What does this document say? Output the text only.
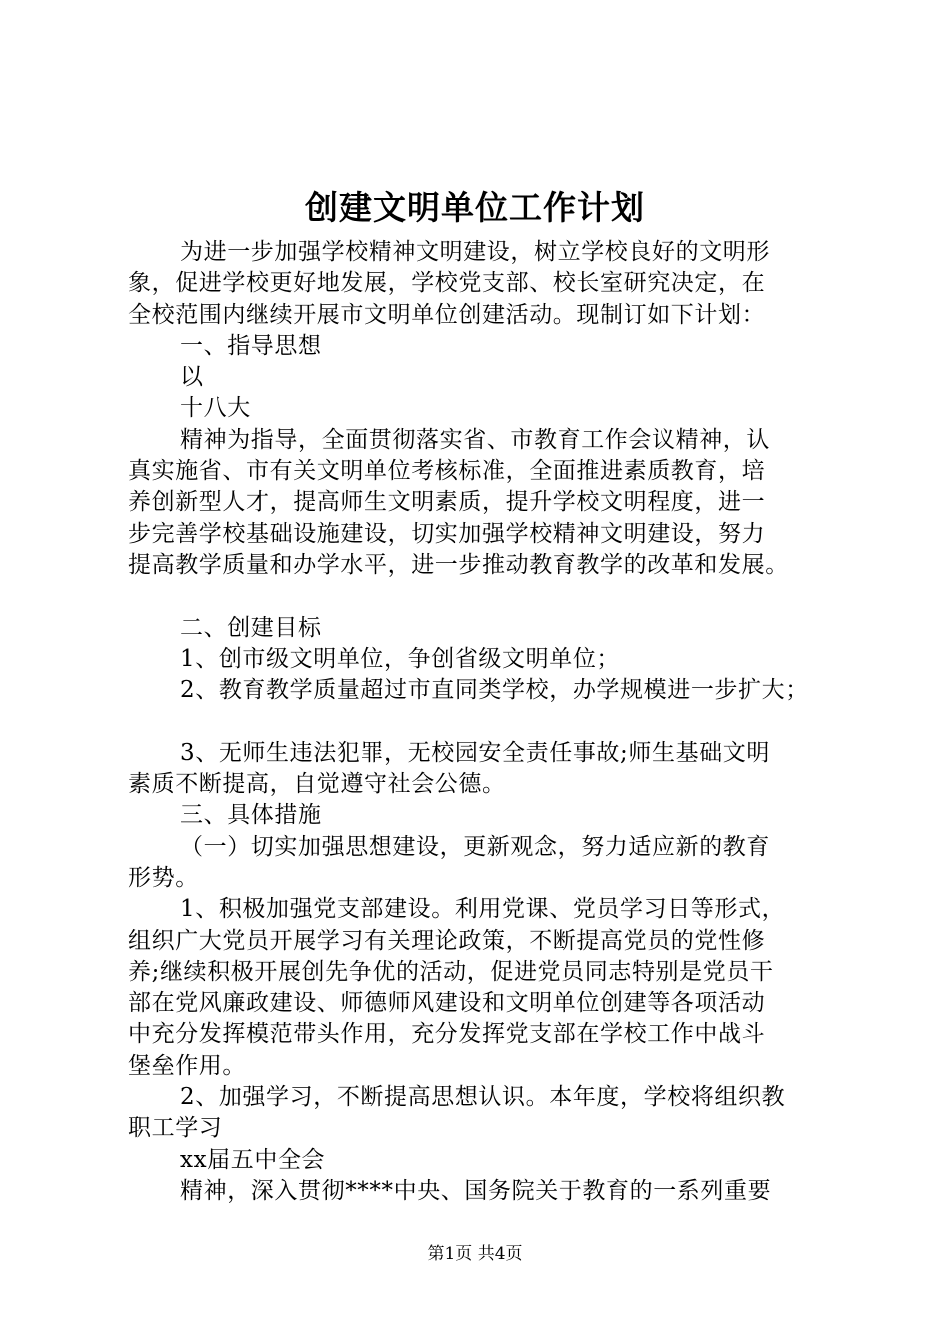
创建文明单位工作计划

为进一步加强学校精神文明建设，树立学校良好的文明形

象，促进学校更好地发展，学校党支部、校长室研究决定，在

全校范围内继续开展市文明单位创建活动。现制订如下计划：

一、指导思想

以

十八大

精神为指导，全面贯彻落实省、市教育工作会议精神，认

真实施省、市有关文明单位考核标准，全面推进素质教育，培

养创新型人才，提高师生文明素质，提升学校文明程度，进一

步完善学校基础设施建设，切实加强学校精神文明建设，努力

提高教学质量和办学水平，进一步推动教育教学的改革和发展。

二、创建目标

1、创市级文明单位，争创省级文明单位；

2、教育教学质量超过市直同类学校，办学规模进一步扩大；

3、无师生违法犯罪，无校园安全责任事故;师生基础文明

素质不断提高，自觉遵守社会公德。

三、具体措施

（一）切实加强思想建设，更新观念，努力适应新的教育

形势。

1、积极加强党支部建设。利用党课、党员学习日等形式，

组织广大党员开展学习有关理论政策，不断提高党员的党性修

养;继续积极开展创先争优的活动，促进党员同志特别是党员干

部在党风廉政建设、师德师风建设和文明单位创建等各项活动

中充分发挥模范带头作用，充分发挥党支部在学校工作中战斗

堡垒作用。

2、加强学习，不断提高思想认识。本年度，学校将组织教

职工学习

xx届五中全会

精神，深入贯彻****中央、国务院关于教育的一系列重要

第1页 共4页
